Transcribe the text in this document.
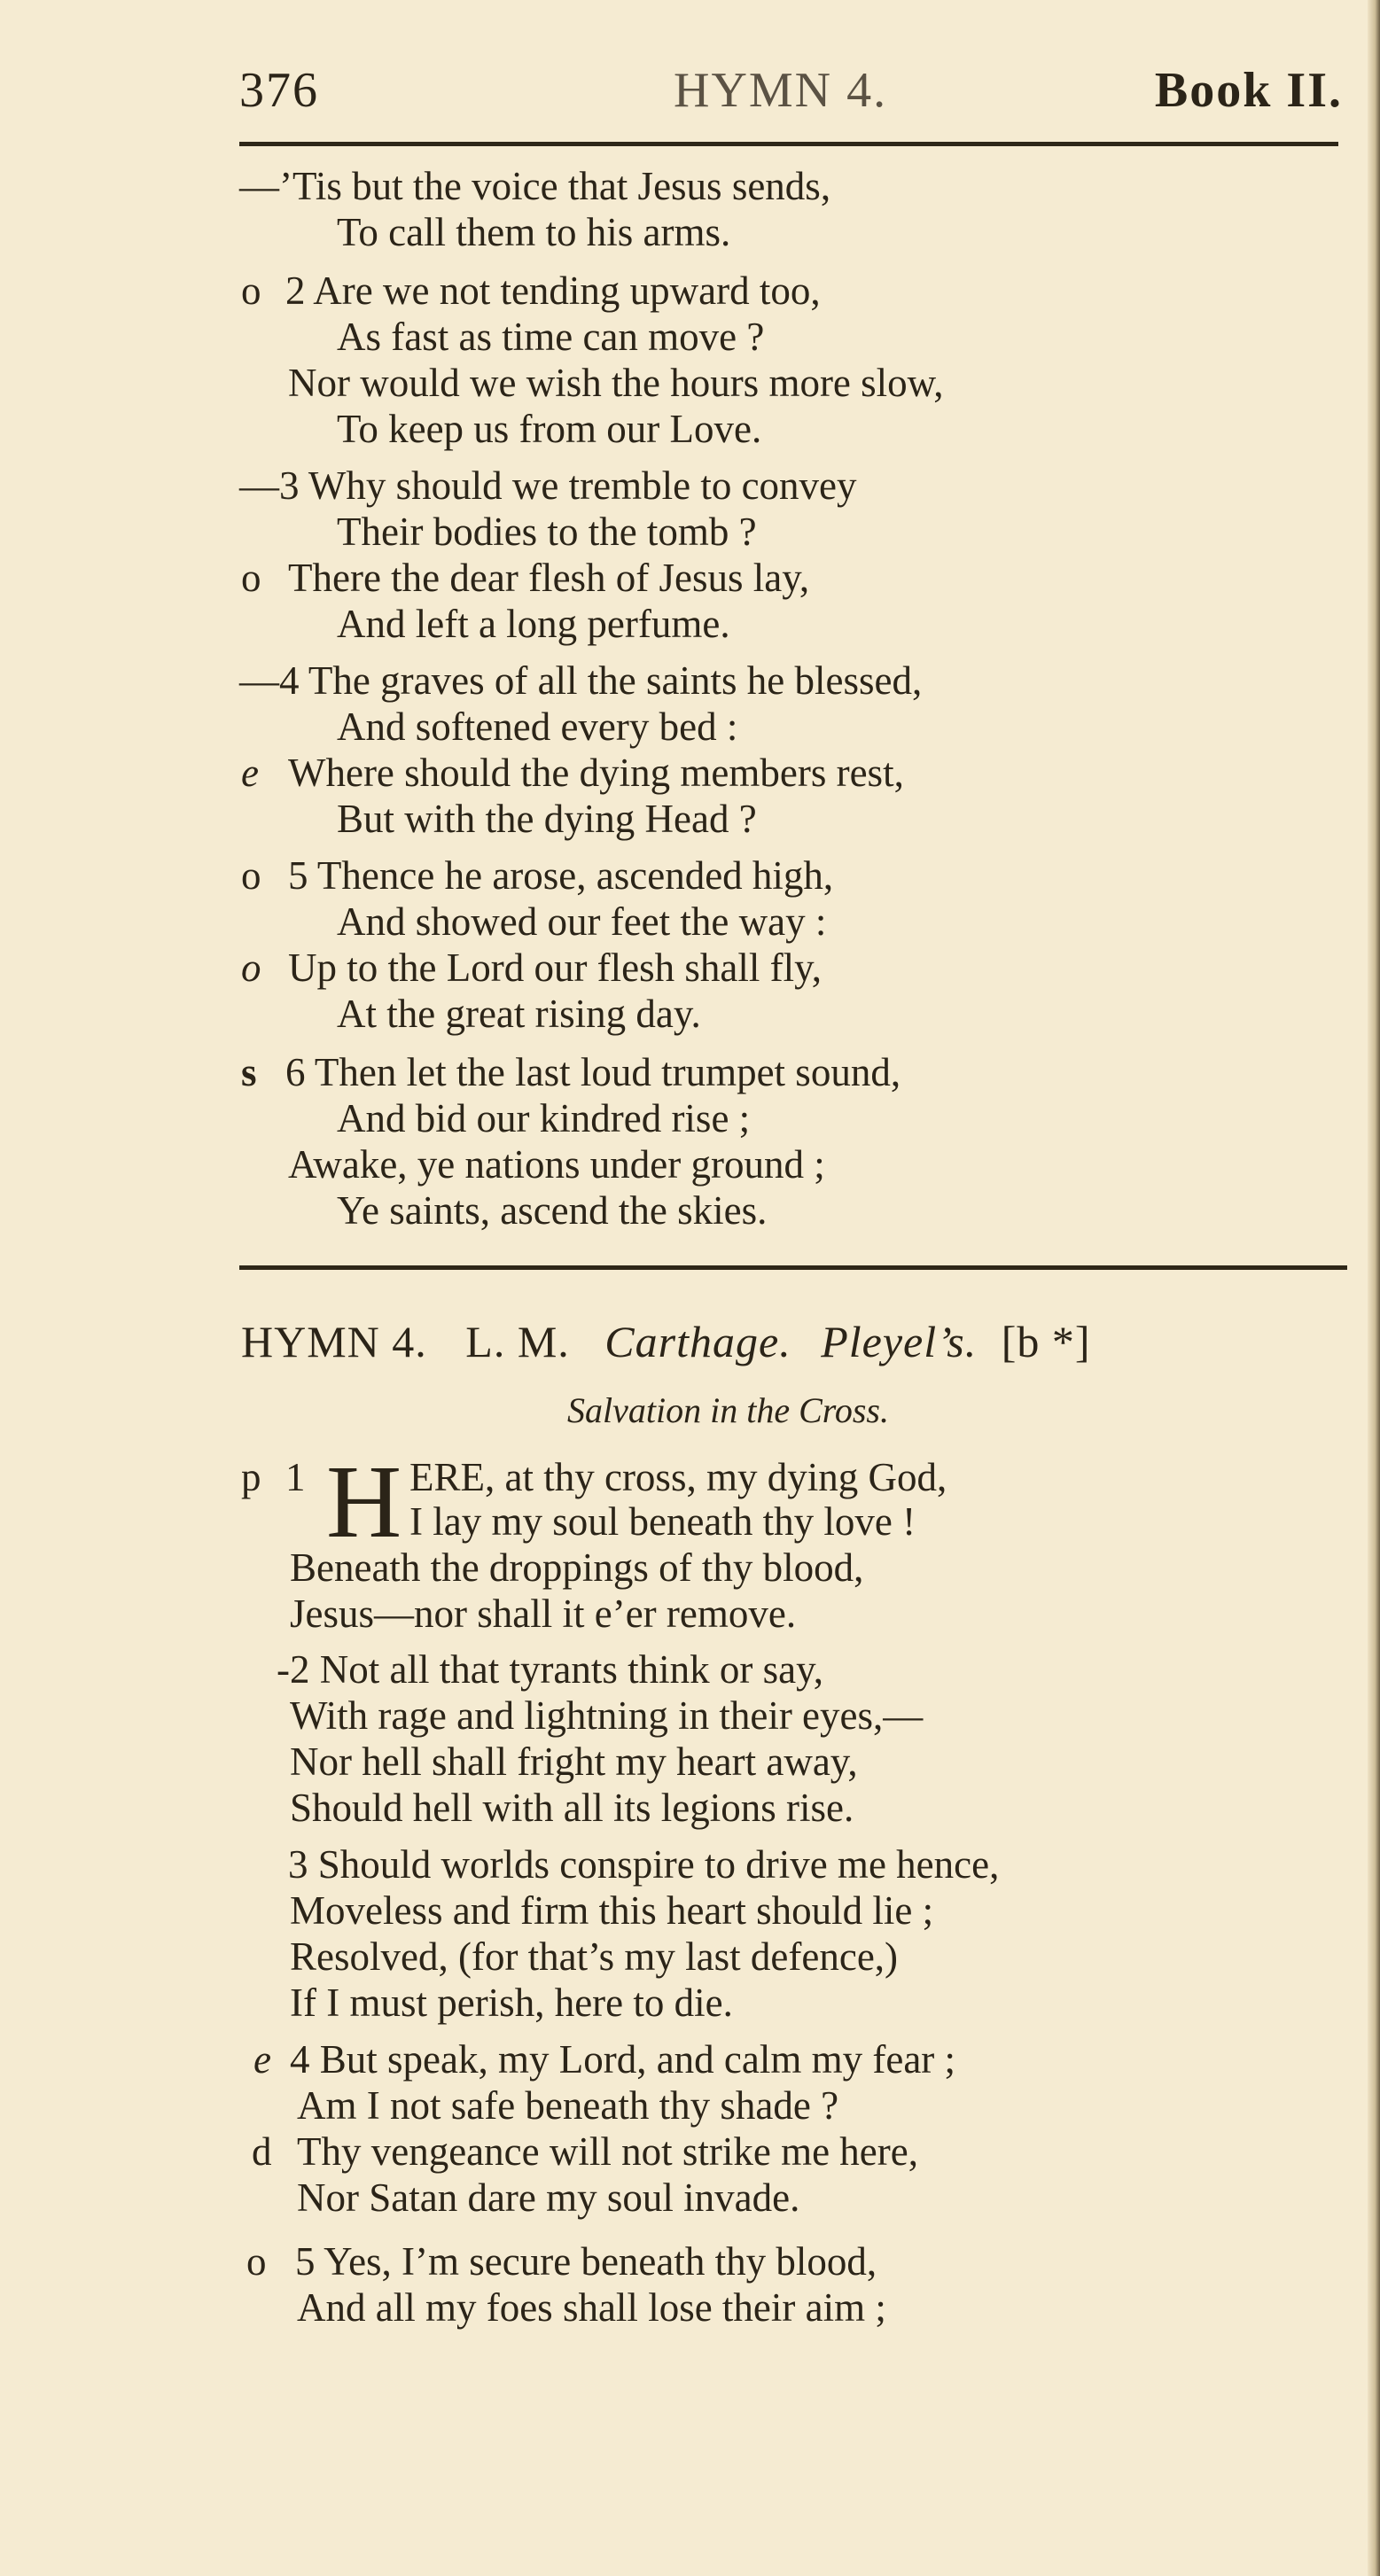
376	HYMN 4.	Book II.
—’Tis but the voice that Jesus sends,
To call them to his arms.
o 2 Are we not tending upward too,
As fast as time can move ?
Nor would we wish the hours more slow,
To keep us from our Love.
—3 Why should we tremble to convey
Their bodies to the tomb ?
o There the dear flesh of Jesus lay,
And left a long perfume.
—4 The graves of all the saints he blessed,
And softened every bed :
e Where should the dying members rest,
But with the dying Head ?
o 5 Thence he arose, ascended high,
And showed our feet the way :
o Up to the Lord our flesh shall fly,
At the great rising day.
s 6 Then let the last loud trumpet sound,
And bid our kindred rise ;
Awake, ye nations under ground ;
Ye saints, ascend the skies.
HYMN 4. L. M. Carthage. Pleyel’s. [b *]
Salvation in the Cross.
p 1 H ERE, at thy cross, my dying God,
I lay my soul beneath thy love !
Beneath the droppings of thy blood,
Jesus—nor shall it e’er remove.
-2 Not all that tyrants think or say,
With rage and lightning in their eyes,—
Nor hell shall fright my heart away,
Should hell with all its legions rise.
3 Should worlds conspire to drive me hence,
Moveless and firm this heart should lie ;
Resolved, (for that’s my last defence,)
If I must perish, here to die.
e 4 But speak, my Lord, and calm my fear ;
Am I not safe beneath thy shade ?
d Thy vengeance will not strike me here,
Nor Satan dare my soul invade.
o 5 Yes, I’m secure beneath thy blood,
And all my foes shall lose their aim ;
